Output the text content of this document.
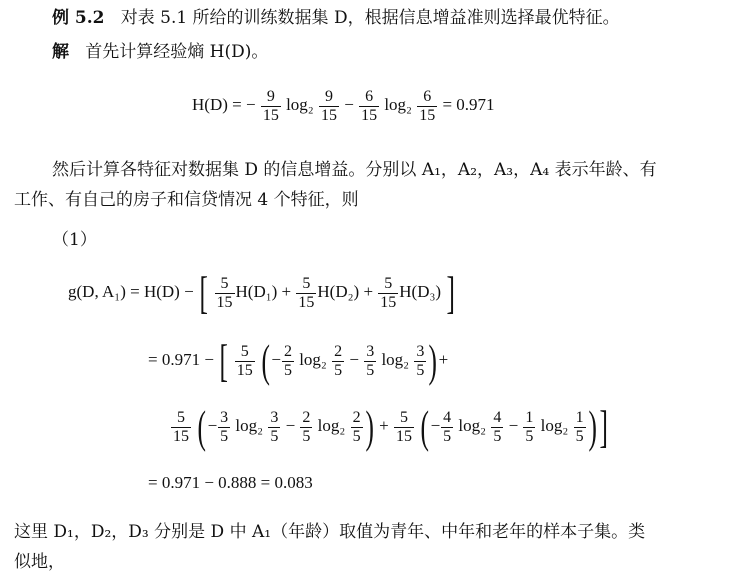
例 5.2 对表 5.1 所给的训练数据集 D，根据信息增益准则选择最优特征。
解 首先计算经验熵 H(D)。
H(D) = − $\frac{9}{15} \log_2 \frac{9}{15} - \frac{6}{15} \log_2 \frac{6}{15} = 0.971$
然后计算各特征对数据集 D 的信息增益。分别以 A₁，A₂，A₃，A₄ 表示年龄、有
工作、有自己的房子和信贷情况 4 个特征，则
（1）
g(D, A₁) = H(D) − [ $\frac{5}{15} H(D_1) + \frac{5}{15} H(D_2) + \frac{5}{15} H(D_3)$ ]
= 0.971 − [ $\frac{5}{15}$ (− $\frac{2}{5} \log_2 \frac{2}{5} - \frac{3}{5} \log_2 \frac{3}{5}$ )+
$\frac{5}{15}$ (− $\frac{3}{5} \log_2 \frac{3}{5} - \frac{2}{5} \log_2 \frac{2}{5}$ ) + $\frac{5}{15}$ (− $\frac{4}{5} \log_2 \frac{4}{5} - \frac{1}{5} \log_2 \frac{1}{5}$ )]
= 0.971 − 0.888 = 0.083
这里 D₁，D₂，D₃ 分别是 D 中 A₁（年龄）取值为青年、中年和老年的样本子集。类
似地，
